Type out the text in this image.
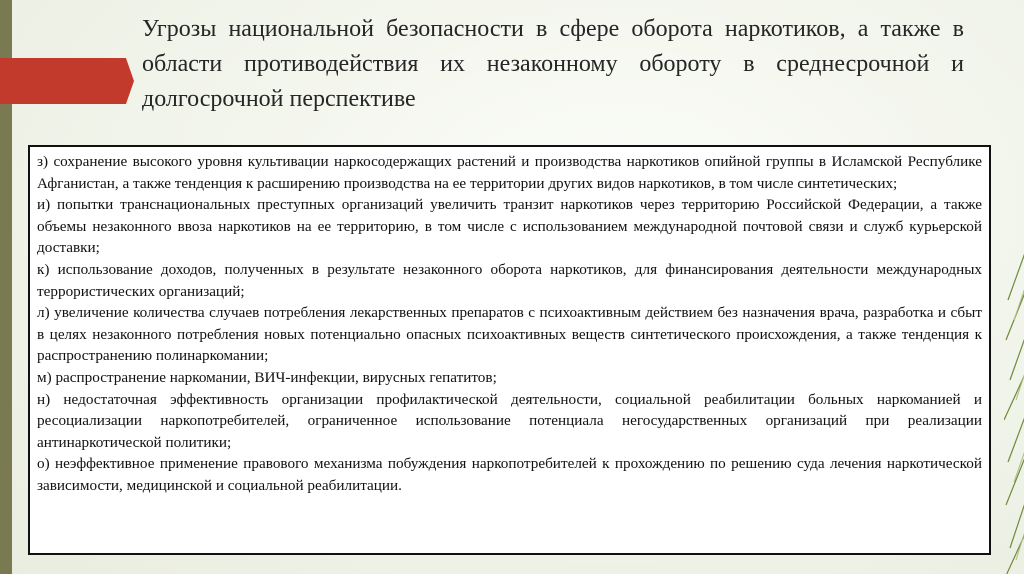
Угрозы национальной безопасности в сфере оборота наркотиков, а также в области противодействия их незаконному обороту в среднесрочной и долгосрочной перспективе

з) сохранение высокого уровня культивации наркосодержащих растений и производства наркотиков опийной группы в Исламской Республике Афганистан, а также тенденция к расширению производства на ее территории других видов наркотиков, в том числе синтетических;

и) попытки транснациональных преступных организаций увеличить транзит наркотиков через территорию Российской Федерации, а также объемы незаконного ввоза наркотиков на ее территорию, в том числе с использованием международной почтовой связи и служб курьерской доставки;

к) использование доходов, полученных в результате незаконного оборота наркотиков, для финансирования деятельности международных террористических организаций;

л) увеличение количества случаев потребления лекарственных препаратов с психоактивным действием без назначения врача, разработка и сбыт в целях незаконного потребления новых потенциально опасных психоактивных веществ синтетического происхождения, а также тенденция к распространению полинаркомании;

м) распространение наркомании, ВИЧ-инфекции, вирусных гепатитов;

н) недостаточная эффективность организации профилактической деятельности, социальной реабилитации больных наркоманией и ресоциализации наркопотребителей, ограниченное использование потенциала негосударственных организаций при реализации антинаркотической политики;

о) неэффективное применение правового механизма побуждения наркопотребителей к прохождению по решению суда лечения наркотической зависимости, медицинской и социальной реабилитации.
